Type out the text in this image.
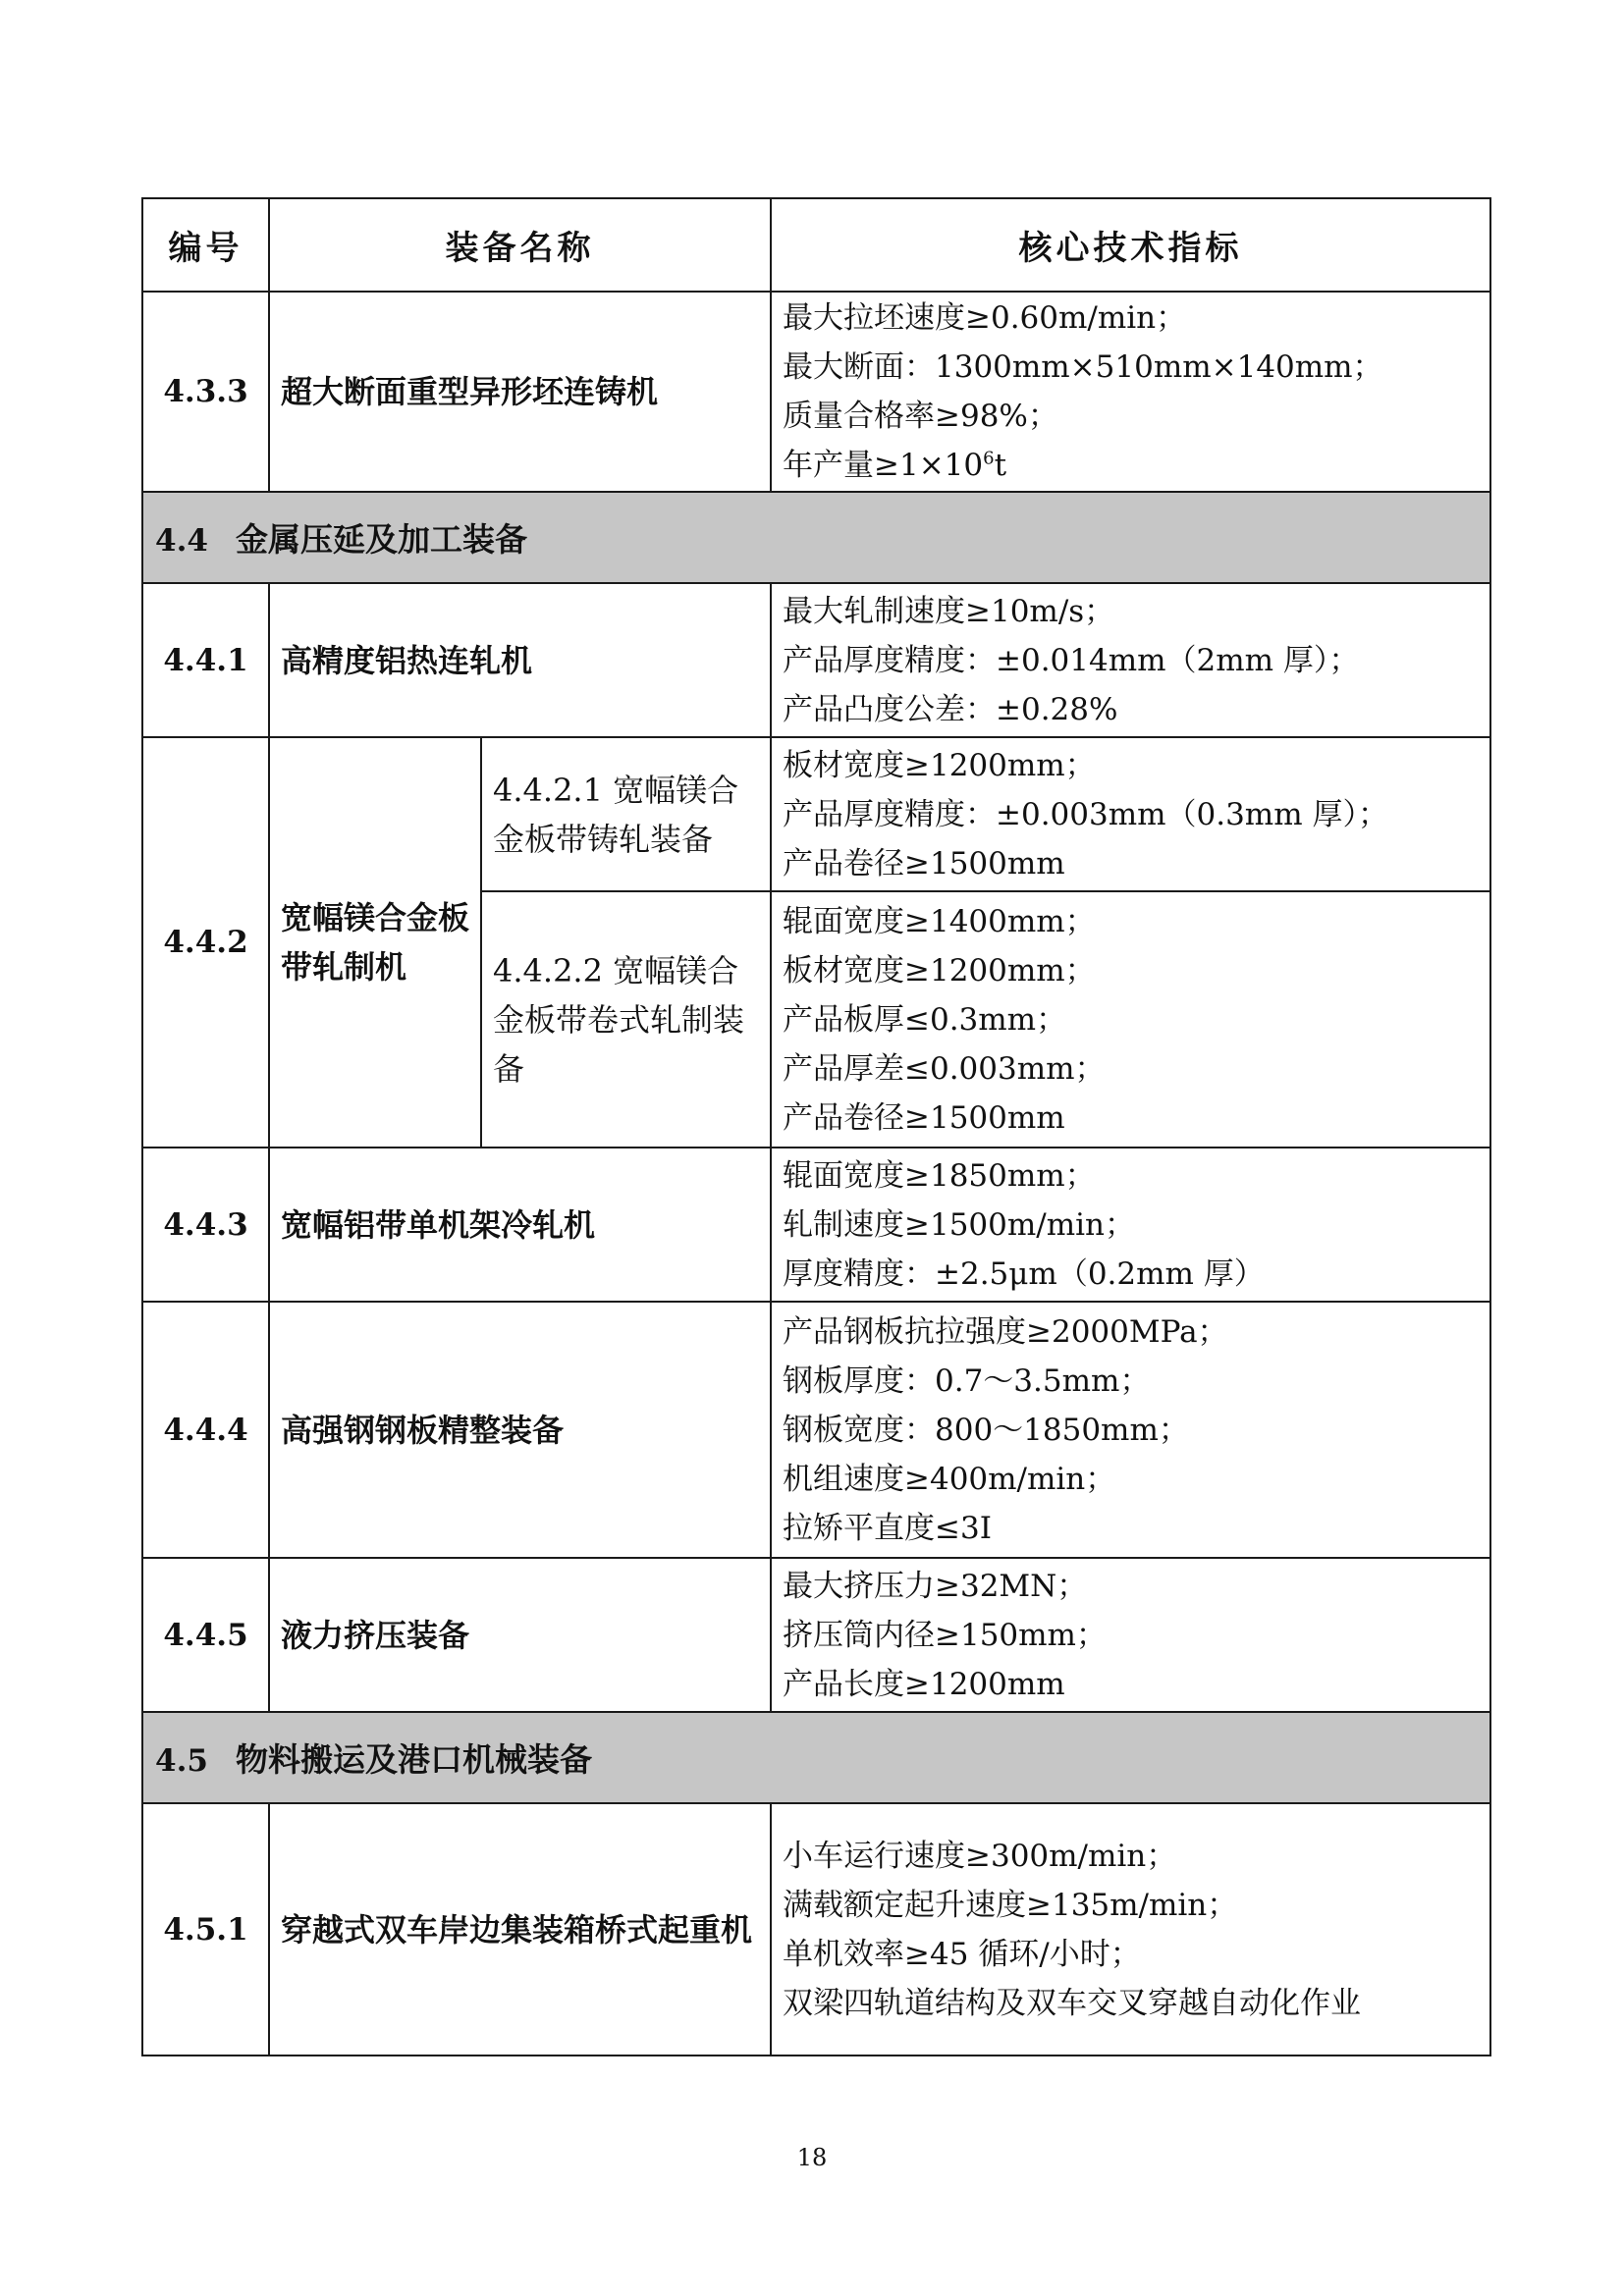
编号	装备名称		核心技术指标
4.3.3	超大断面重型异形坯连铸机		最大拉坯速度≥0.60m/min；
最大断面：1300mm×510mm×140mm；
质量合格率≥98%；
年产量$\ge 1\times 10^6t$

4.4 金属压延及加工装备			
4.4.1	高精度铝热连轧机		最大轧制速度≥10m/s；
产品厚度精度：±0.014mm（2mm 厚）；
产品凸度公差：±0.28%

4.4.2	宽幅镁合金板带轧制机	4.4.2.1 宽幅镁合金板带铸轧装备	板材宽度≥1200mm；
产品厚度精度：±0.003mm（0.3mm 厚）；
产品卷径≥1500mm

		4.4.2.2 宽幅镁合金板带卷式轧制装备	辊面宽度≥1400mm；
板材宽度≥1200mm；
产品板厚≤0.3mm；
产品厚差≤0.003mm；
产品卷径≥1500mm

4.4.3	宽幅铝带单机架冷轧机		辊面宽度≥1850mm；
轧制速度≥1500m/min；
厚度精度：±2.5μm（0.2mm 厚）

4.4.4	高强钢钢板精整装备		产品钢板抗拉强度≥2000MPa；
钢板厚度：0.7～3.5mm；
钢板宽度：800～1850mm；
机组速度≥400m/min；
拉矫平直度≤3I

4.4.5	液力挤压装备		最大挤压力≥32MN；
挤压筒内径≥150mm；
产品长度≥1200mm

4.5 物料搬运及港口机械装备			
4.5.1	穿越式双车岸边集装箱桥式起重机		小车运行速度≥300m/min；
满载额定起升速度≥135m/min；
单机效率≥45 循环/小时；
双梁四轨道结构及双车交叉穿越自动化作业
18
